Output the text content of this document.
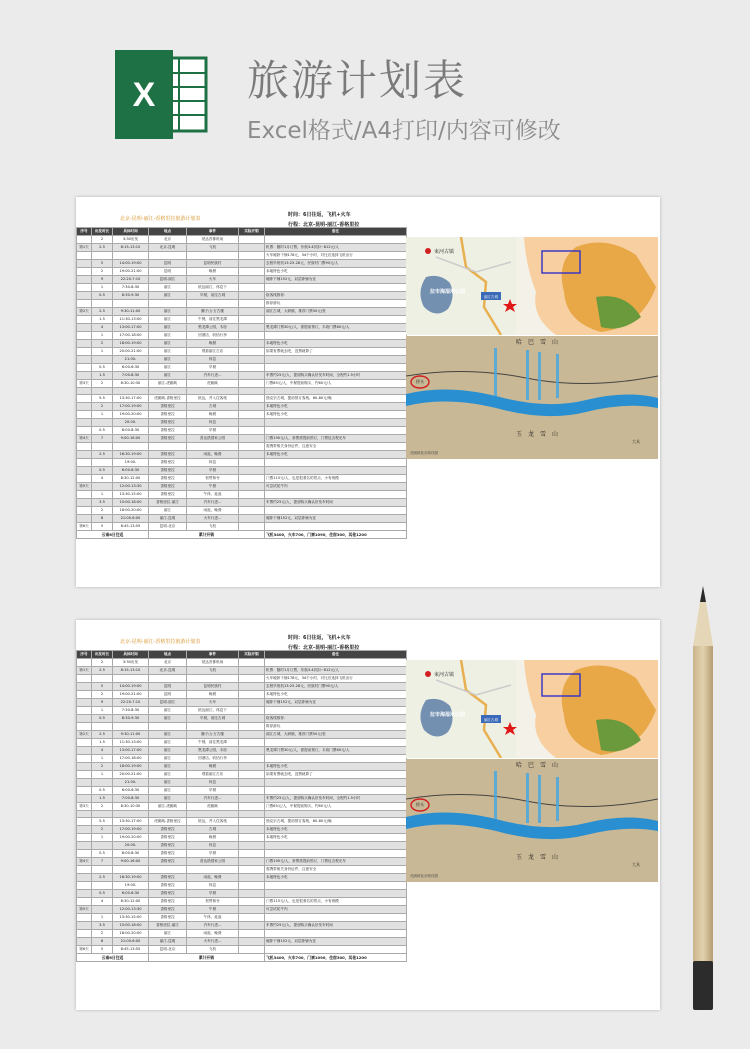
X 旅游计划表
Excel格式/A4打印/内容可修改
北京-昆明-丽江-香格里拉旅游计划表
时间：6日往返，飞机+火车
行程：北京-昆明-丽江-香格里拉
序号	出发时长	具体时间	地点	事件	实际开销	备注
	2	3:30出发	北京	抵达首都机场		
第1天	2.5	8:15-13:10	北京-昆明	飞机		机票：随时1月订票，东航3.4折扣~812元/人
						火车硬卧下铺178元，34个小时，对比后选择飞机出行
	5	14:00-19:00	昆明	昆明民族村		去程早班机13:25-28元，民族村门票90元/人
	2	19:00-21:00	昆明	晚餐		本地特色小吃
	9	22:20-7:10	昆明-丽江	火车		硬卧下铺152元，双层卧铺为宜
	1	7:30-8:30	丽江	抵达丽江，休息下		
	0.5	8:30-9:30	丽江	早餐，前往古城		宿客栈推荐：
						推荐游玩
第2天	2.5	9:30-11:00	丽江	狮子山·万古楼		丽江古城，大研镇，推荐门票50元/张
	1.5	11:30-13:00	丽江	午餐，前往黑龙潭		
	4	13:00-17:00	丽江	黑龙潭公园，木府		黑龙潭门票30元/人，需提前预订，木府门票60元/人
	1	17:00-18:00	丽江	回酒店，收拾行李		
	2	18:00-19:00	丽江	晚餐		本地特色小吃
	1	20:00-21:00	丽江	观看丽江古乐		如果有票就去吧，没票就算了
		21:00-	丽江	休息		
	0.5	6:00-6:30	丽江	早餐		
	1.5	7:00-8:30	丽江	汽车行进...		车票约25元/人，提前购买确认好发车时间，全程约1.5小时
第3天	2	8:30-10:30	丽江-虎跳峡	虎跳峡		门票65元/人，中餐提前购买，约60元/人

	5.5	13:30-17:00	虎跳峡-香格里拉	抵达，并入住客栈		独克宗古城，提前预订客栈，60-80元/晚
	2	17:00-19:00	香格里拉	古城		本地特色小吃
	1	19:00-20:00	香格里拉	晚餐		本地特色小吃
		20:00-	香格里拉	休息		
	0.5	8:00-8:30	香格里拉	早餐		
第4天	7	9:00-16:00	香格里拉	普达措国家公园		门票190元/人，套票需提前预订，门票包含观光车
						需携带相关身份证件，注意安全
	2.5	16:30-19:00	香格里拉	闲逛，晚餐		本地特色小吃
		19:00-	香格里拉	休息		
	0.5	6:00-6:30	香格里拉	早餐		
	4	8:30-12:00	香格里拉	松赞林寺		门票115元/人，也是很著名的景点，小有规模
第5天		12:00-13:30	香格里拉	午餐		可尝试牦牛肉
	1	13:30-15:00	香格里拉	午休，逛逛		
	3.5	15:00-18:00	香格里拉-丽江	汽车行进...		车票约25元/人，提前购买确认好发车时间
	2	18:00-20:00	丽江	闲逛，晚餐		
	8	21:00-6:00	丽江-昆明	火车行进...		硬卧下铺152元，双层卧铺为宜
第6天	5	8:45-13:55	昆明-北京	飞机		
云南6日往返			累计开销			飞机3400，火车700，门票1090，住宿300，其他1200
束河古镇
拉市海湿地公园
丽江古城
桥头
大具
哈　巴　雪　山
玉　龙　雪　山
虎跳峡徒步路线图
北京-昆明-丽江-香格里拉旅游计划表
时间：6日往返，飞机+火车
行程：北京-昆明-丽江-香格里拉
序号	出发时长	具体时间	地点	事件	实际开销	备注
	2	3:30出发	北京	抵达首都机场		
第1天	2.5	8:15-13:10	北京-昆明	飞机		机票：随时1月订票，东航3.4折扣~812元/人
						火车硬卧下铺178元，34个小时，对比后选择飞机出行
	5	14:00-19:00	昆明	昆明民族村		去程早班机13:25-28元，民族村门票90元/人
	2	19:00-21:00	昆明	晚餐		本地特色小吃
	9	22:20-7:10	昆明-丽江	火车		硬卧下铺152元，双层卧铺为宜
	1	7:30-8:30	丽江	抵达丽江，休息下		
	0.5	8:30-9:30	丽江	早餐，前往古城		宿客栈推荐：
						推荐游玩
第2天	2.5	9:30-11:00	丽江	狮子山·万古楼		丽江古城，大研镇，推荐门票50元/张
	1.5	11:30-13:00	丽江	午餐，前往黑龙潭		
	4	13:00-17:00	丽江	黑龙潭公园，木府		黑龙潭门票30元/人，需提前预订，木府门票60元/人
	1	17:00-18:00	丽江	回酒店，收拾行李		
	2	18:00-19:00	丽江	晚餐		本地特色小吃
	1	20:00-21:00	丽江	观看丽江古乐		如果有票就去吧，没票就算了
		21:00-	丽江	休息		
	0.5	6:00-6:30	丽江	早餐		
	1.5	7:00-8:30	丽江	汽车行进...		车票约25元/人，提前购买确认好发车时间，全程约1.5小时
第3天	2	8:30-10:30	丽江-虎跳峡	虎跳峡		门票65元/人，中餐提前购买，约60元/人

	5.5	13:30-17:00	虎跳峡-香格里拉	抵达，并入住客栈		独克宗古城，提前预订客栈，60-80元/晚
	2	17:00-19:00	香格里拉	古城		本地特色小吃
	1	19:00-20:00	香格里拉	晚餐		本地特色小吃
		20:00-	香格里拉	休息		
	0.5	8:00-8:30	香格里拉	早餐		
第4天	7	9:00-16:00	香格里拉	普达措国家公园		门票190元/人，套票需提前预订，门票包含观光车
						需携带相关身份证件，注意安全
	2.5	16:30-19:00	香格里拉	闲逛，晚餐		本地特色小吃
		19:00-	香格里拉	休息		
	0.5	6:00-6:30	香格里拉	早餐		
	4	8:30-12:00	香格里拉	松赞林寺		门票115元/人，也是很著名的景点，小有规模
第5天		12:00-13:30	香格里拉	午餐		可尝试牦牛肉
	1	13:30-15:00	香格里拉	午休，逛逛		
	3.5	15:00-18:00	香格里拉-丽江	汽车行进...		车票约25元/人，提前购买确认好发车时间
	2	18:00-20:00	丽江	闲逛，晚餐		
	8	21:00-6:00	丽江-昆明	火车行进...		硬卧下铺152元，双层卧铺为宜
第6天	5	8:45-13:55	昆明-北京	飞机		
云南6日往返			累计开销			飞机3400，火车700，门票1090，住宿300，其他1200
束河古镇
拉市海湿地公园
丽江古城
桥头
大具
哈　巴　雪　山
玉　龙　雪　山
虎跳峡徒步路线图
